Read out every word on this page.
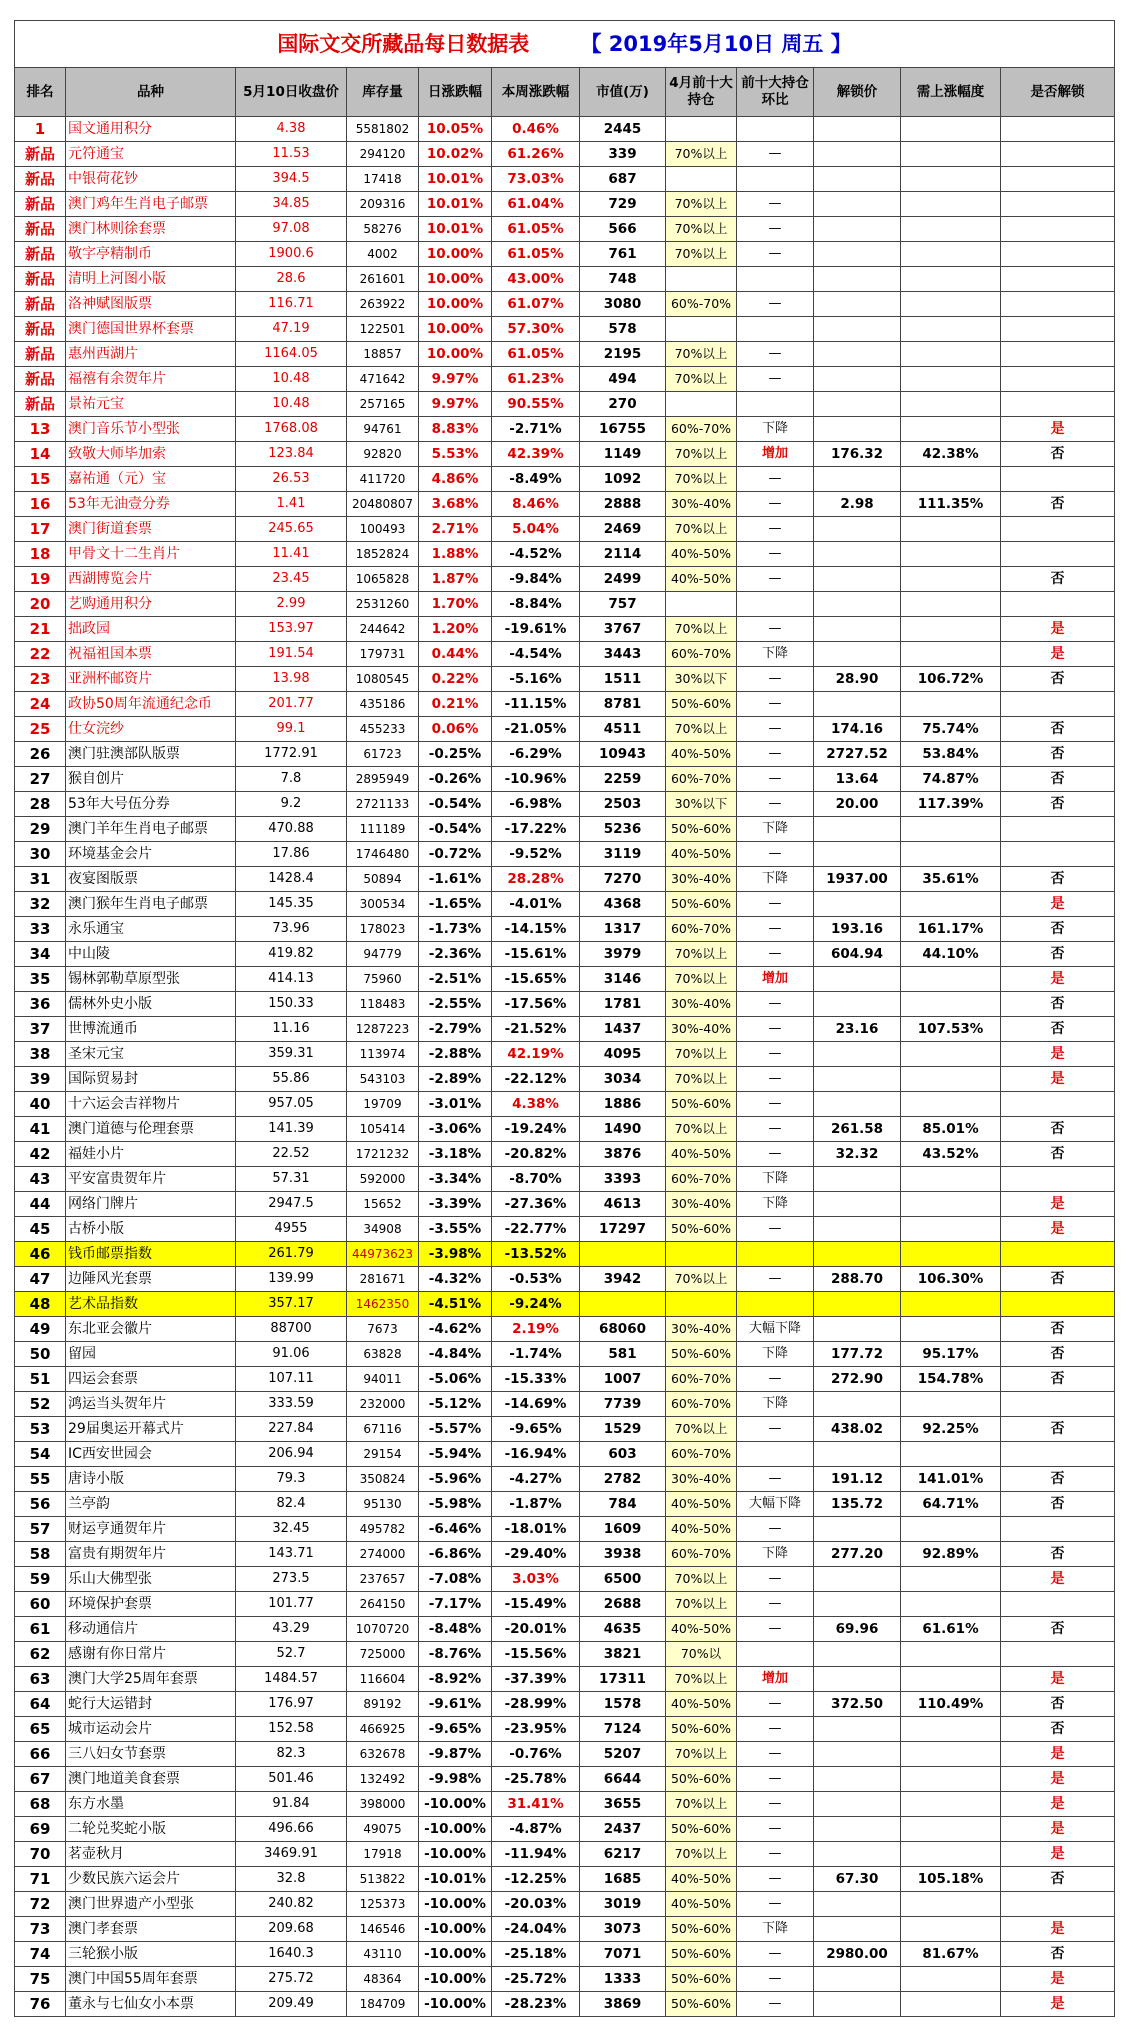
国际文交所藏品每日数据表 【 2019年5月10日 周五 】											
排名	品种	5月10日收盘价	库存量	日涨跌幅	本周涨跌幅	市值(万)	4月前十大持仓	前十大持仓环比	解锁价	需上涨幅度	是否解锁
1	国文通用积分	4.38	5581802	10.05%	0.46%	2445					
新品	元符通宝	11.53	294120	10.02%	61.26%	339	70%以上	—			
新品	中银荷花钞	394.5	17418	10.01%	73.03%	687					
新品	澳门鸡年生肖电子邮票	34.85	209316	10.01%	61.04%	729	70%以上	—			
新品	澳门林则徐套票	97.08	58276	10.01%	61.05%	566	70%以上	—			
新品	敬字亭精制币	1900.6	4002	10.00%	61.05%	761	70%以上	—			
新品	清明上河图小版	28.6	261601	10.00%	43.00%	748					
新品	洛神赋图版票	116.71	263922	10.00%	61.07%	3080	60%-70%	—			
新品	澳门德国世界杯套票	47.19	122501	10.00%	57.30%	578					
新品	惠州西湖片	1164.05	18857	10.00%	61.05%	2195	70%以上	—			
新品	福禧有余贺年片	10.48	471642	9.97%	61.23%	494	70%以上	—			
新品	景祐元宝	10.48	257165	9.97%	90.55%	270					
13	澳门音乐节小型张	1768.08	94761	8.83%	-2.71%	16755	60%-70%	下降			是
14	致敬大师毕加索	123.84	92820	5.53%	42.39%	1149	70%以上	增加	176.32	42.38%	否
15	嘉祐通（元）宝	26.53	411720	4.86%	-8.49%	1092	70%以上	—			
16	53年无油壹分券	1.41	20480807	3.68%	8.46%	2888	30%-40%	—	2.98	111.35%	否
17	澳门街道套票	245.65	100493	2.71%	5.04%	2469	70%以上	—			
18	甲骨文十二生肖片	11.41	1852824	1.88%	-4.52%	2114	40%-50%	—			
19	西湖博览会片	23.45	1065828	1.87%	-9.84%	2499	40%-50%	—			否
20	艺购通用积分	2.99	2531260	1.70%	-8.84%	757					
21	拙政园	153.97	244642	1.20%	-19.61%	3767	70%以上	—			是
22	祝福祖国本票	191.54	179731	0.44%	-4.54%	3443	60%-70%	下降			是
23	亚洲杯邮资片	13.98	1080545	0.22%	-5.16%	1511	30%以下	—	28.90	106.72%	否
24	政协50周年流通纪念币	201.77	435186	0.21%	-11.15%	8781	50%-60%	—			
25	仕女浣纱	99.1	455233	0.06%	-21.05%	4511	70%以上	—	174.16	75.74%	否
26	澳门驻澳部队版票	1772.91	61723	-0.25%	-6.29%	10943	40%-50%	—	2727.52	53.84%	否
27	猴自创片	7.8	2895949	-0.26%	-10.96%	2259	60%-70%	—	13.64	74.87%	否
28	53年大号伍分券	9.2	2721133	-0.54%	-6.98%	2503	30%以下	—	20.00	117.39%	否
29	澳门羊年生肖电子邮票	470.88	111189	-0.54%	-17.22%	5236	50%-60%	下降			
30	环境基金会片	17.86	1746480	-0.72%	-9.52%	3119	40%-50%	—			
31	夜宴图版票	1428.4	50894	-1.61%	28.28%	7270	30%-40%	下降	1937.00	35.61%	否
32	澳门猴年生肖电子邮票	145.35	300534	-1.65%	-4.01%	4368	50%-60%	—			是
33	永乐通宝	73.96	178023	-1.73%	-14.15%	1317	60%-70%	—	193.16	161.17%	否
34	中山陵	419.82	94779	-2.36%	-15.61%	3979	70%以上	—	604.94	44.10%	否
35	锡林郭勒草原型张	414.13	75960	-2.51%	-15.65%	3146	70%以上	增加			是
36	儒林外史小版	150.33	118483	-2.55%	-17.56%	1781	30%-40%	—			否
37	世博流通币	11.16	1287223	-2.79%	-21.52%	1437	30%-40%	—	23.16	107.53%	否
38	圣宋元宝	359.31	113974	-2.88%	42.19%	4095	70%以上	—			是
39	国际贸易封	55.86	543103	-2.89%	-22.12%	3034	70%以上	—			是
40	十六运会吉祥物片	957.05	19709	-3.01%	4.38%	1886	50%-60%	—			
41	澳门道德与伦理套票	141.39	105414	-3.06%	-19.24%	1490	70%以上	—	261.58	85.01%	否
42	福娃小片	22.52	1721232	-3.18%	-20.82%	3876	40%-50%	—	32.32	43.52%	否
43	平安富贵贺年片	57.31	592000	-3.34%	-8.70%	3393	60%-70%	下降			
44	网络门牌片	2947.5	15652	-3.39%	-27.36%	4613	30%-40%	下降			是
45	古桥小版	4955	34908	-3.55%	-22.77%	17297	50%-60%	—			是
46	钱币邮票指数	261.79	44973623	-3.98%	-13.52%						
47	边陲风光套票	139.99	281671	-4.32%	-0.53%	3942	70%以上	—	288.70	106.30%	否
48	艺术品指数	357.17	1462350	-4.51%	-9.24%						
49	东北亚会徽片	88700	7673	-4.62%	2.19%	68060	30%-40%	大幅下降			否
50	留园	91.06	63828	-4.84%	-1.74%	581	50%-60%	下降	177.72	95.17%	否
51	四运会套票	107.11	94011	-5.06%	-15.33%	1007	60%-70%	—	272.90	154.78%	否
52	鸿运当头贺年片	333.59	232000	-5.12%	-14.69%	7739	60%-70%	下降			
53	29届奥运开幕式片	227.84	67116	-5.57%	-9.65%	1529	70%以上	—	438.02	92.25%	否
54	IC西安世园会	206.94	29154	-5.94%	-16.94%	603	60%-70%				
55	唐诗小版	79.3	350824	-5.96%	-4.27%	2782	30%-40%	—	191.12	141.01%	否
56	兰亭韵	82.4	95130	-5.98%	-1.87%	784	40%-50%	大幅下降	135.72	64.71%	否
57	财运亨通贺年片	32.45	495782	-6.46%	-18.01%	1609	40%-50%	—			
58	富贵有期贺年片	143.71	274000	-6.86%	-29.40%	3938	60%-70%	下降	277.20	92.89%	否
59	乐山大佛型张	273.5	237657	-7.08%	3.03%	6500	70%以上	—			是
60	环境保护套票	101.77	264150	-7.17%	-15.49%	2688	70%以上	—			
61	移动通信片	43.29	1070720	-8.48%	-20.01%	4635	40%-50%	—	69.96	61.61%	否
62	感谢有你日常片	52.7	725000	-8.76%	-15.56%	3821	70%以				
63	澳门大学25周年套票	1484.57	116604	-8.92%	-37.39%	17311	70%以上	增加			是
64	蛇行大运错封	176.97	89192	-9.61%	-28.99%	1578	40%-50%	—	372.50	110.49%	否
65	城市运动会片	152.58	466925	-9.65%	-23.95%	7124	50%-60%	—			否
66	三八妇女节套票	82.3	632678	-9.87%	-0.76%	5207	70%以上	—			是
67	澳门地道美食套票	501.46	132492	-9.98%	-25.78%	6644	50%-60%	—			是
68	东方水墨	91.84	398000	-10.00%	31.41%	3655	70%以上	—			是
69	二轮兑奖蛇小版	496.66	49075	-10.00%	-4.87%	2437	50%-60%	—			是
70	茗壶秋月	3469.91	17918	-10.00%	-11.94%	6217	70%以上	—			是
71	少数民族六运会片	32.8	513822	-10.01%	-12.25%	1685	40%-50%	—	67.30	105.18%	否
72	澳门世界遗产小型张	240.82	125373	-10.00%	-20.03%	3019	40%-50%	—			
73	澳门孝套票	209.68	146546	-10.00%	-24.04%	3073	50%-60%	下降			是
74	三轮猴小版	1640.3	43110	-10.00%	-25.18%	7071	50%-60%	—	2980.00	81.67%	否
75	澳门中国55周年套票	275.72	48364	-10.00%	-25.72%	1333	50%-60%	—			是
76	董永与七仙女小本票	209.49	184709	-10.00%	-28.23%	3869	50%-60%	—			是
